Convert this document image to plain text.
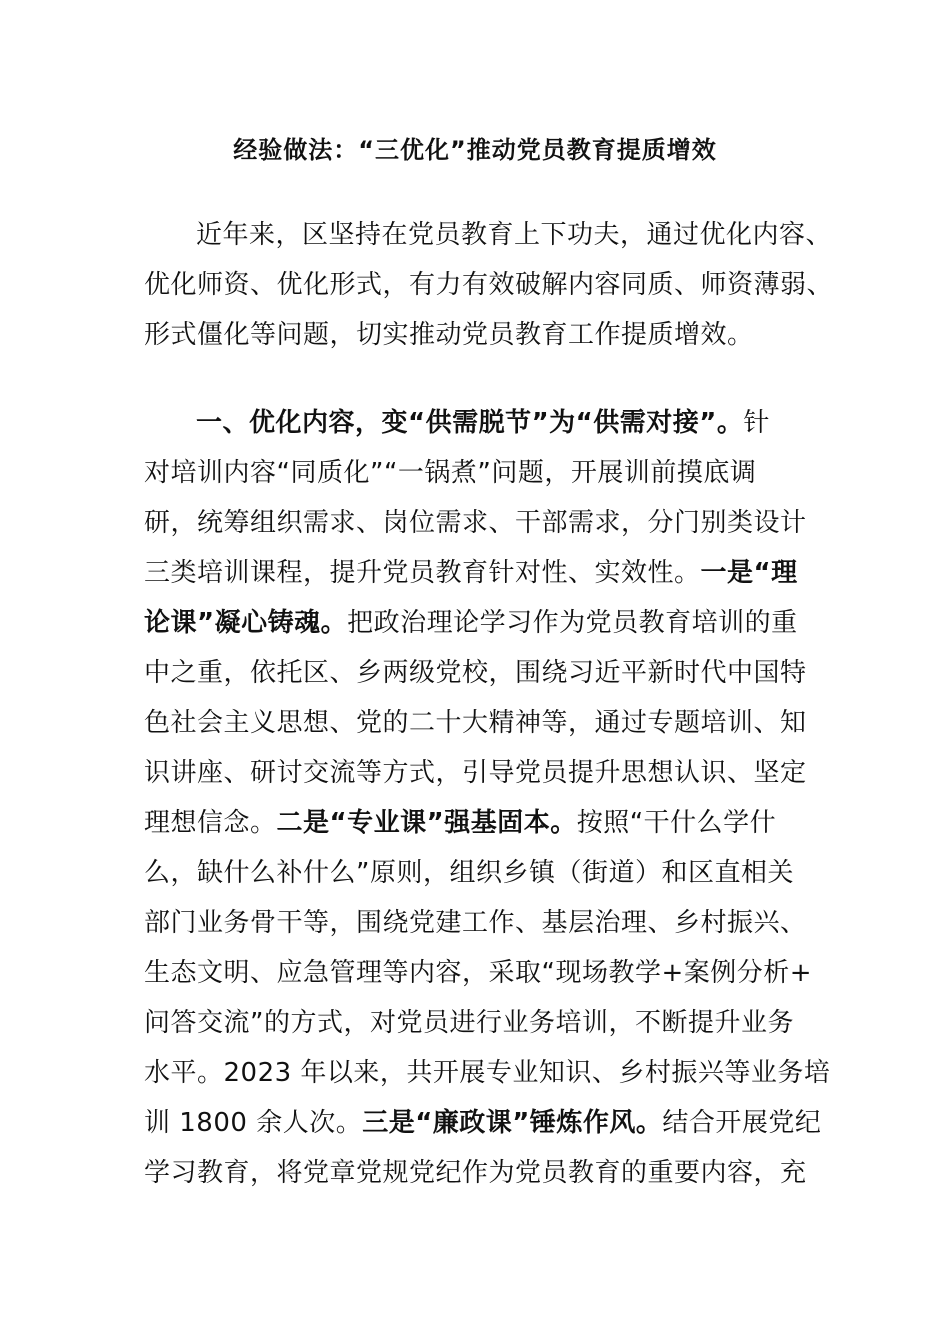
经验做法：“三优化”推动党员教育提质增效
近年来，区坚持在党员教育上下功夫，通过优化内容、
优化师资、优化形式，有力有效破解内容同质、师资薄弱、
形式僵化等问题，切实推动党员教育工作提质增效。
一、优化内容，变“供需脱节”为“供需对接”。针
对培训内容“同质化”“一锅煮”问题，开展训前摸底调
研，统筹组织需求、岗位需求、干部需求，分门别类设计
三类培训课程，提升党员教育针对性、实效性。一是“理
论课”凝心铸魂。把政治理论学习作为党员教育培训的重
中之重，依托区、乡两级党校，围绕习近平新时代中国特
色社会主义思想、党的二十大精神等，通过专题培训、知
识讲座、研讨交流等方式，引导党员提升思想认识、坚定
理想信念。二是“专业课”强基固本。按照“干什么学什
么，缺什么补什么”原则，组织乡镇（街道）和区直相关
部门业务骨干等，围绕党建工作、基层治理、乡村振兴、
生态文明、应急管理等内容，采取“现场教学+案例分析+
问答交流”的方式，对党员进行业务培训，不断提升业务
水平。2023 年以来，共开展专业知识、乡村振兴等业务培
训 1800 余人次。三是“廉政课”锤炼作风。结合开展党纪
学习教育，将党章党规党纪作为党员教育的重要内容，充
